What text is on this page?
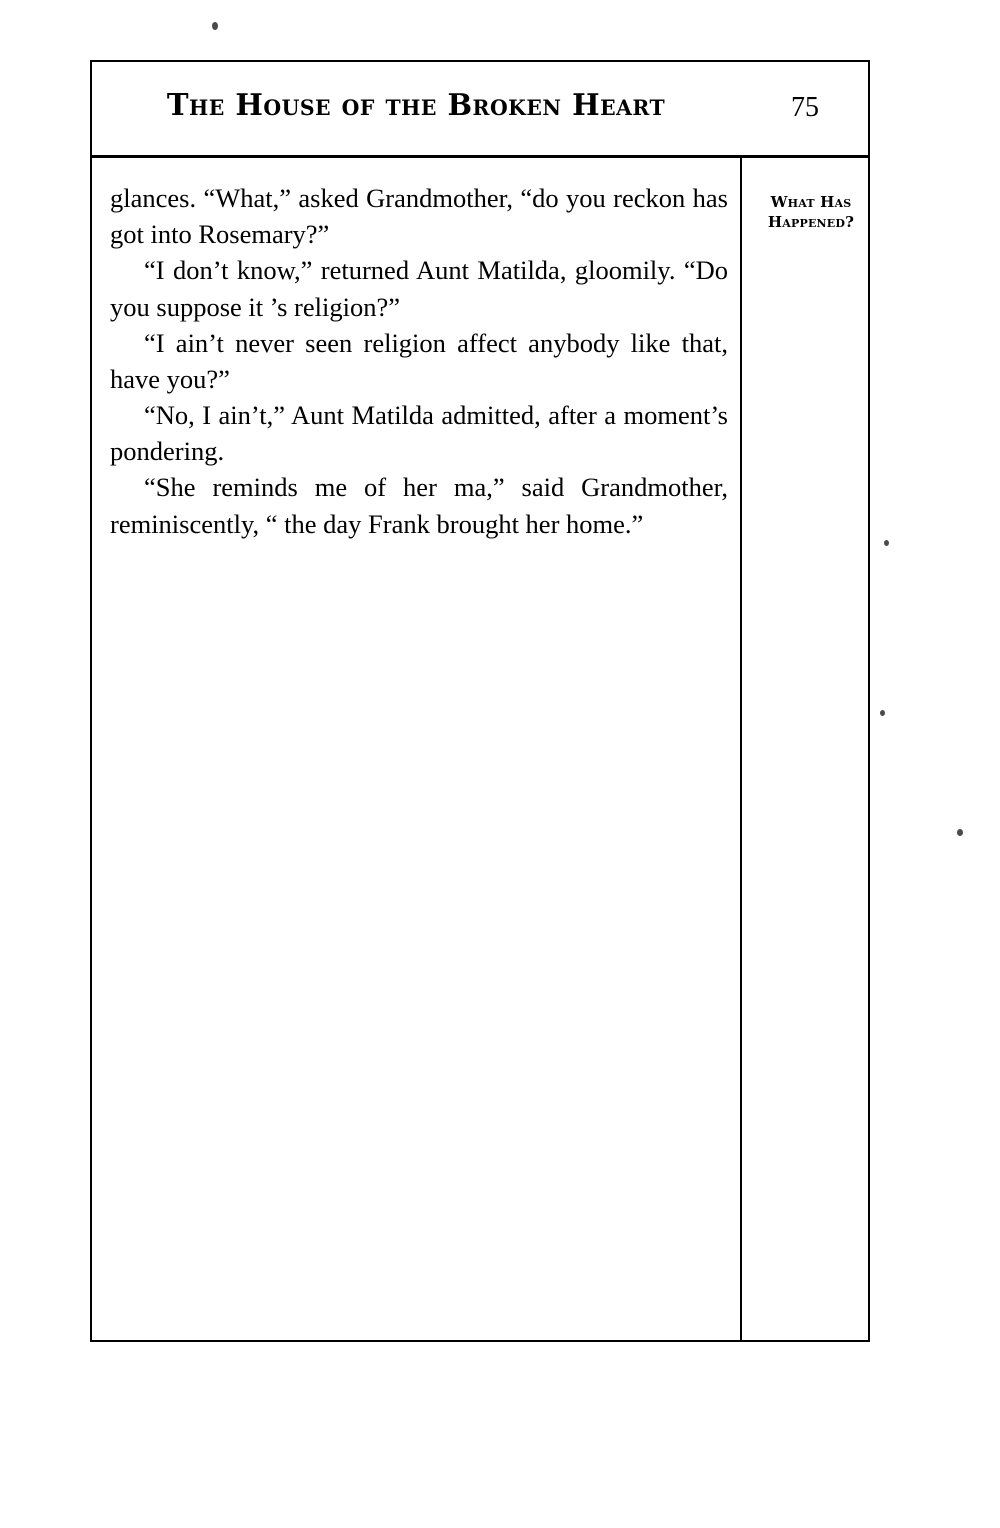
The House of the Broken Heart	75

glances. “What,” asked Grandmother, “do you reckon has got into Rosemary?”

“I don’t know,” returned Aunt Matilda, gloomily. “Do you suppose it ’s religion?”

“I ain’t never seen religion affect anybody like that, have you?”

“No, I ain’t,” Aunt Matilda admitted, after a moment’s pondering.

“She reminds me of her ma,” said Grandmother, reminiscently, “ the day Frank brought her home.”

What Has
Happened?
